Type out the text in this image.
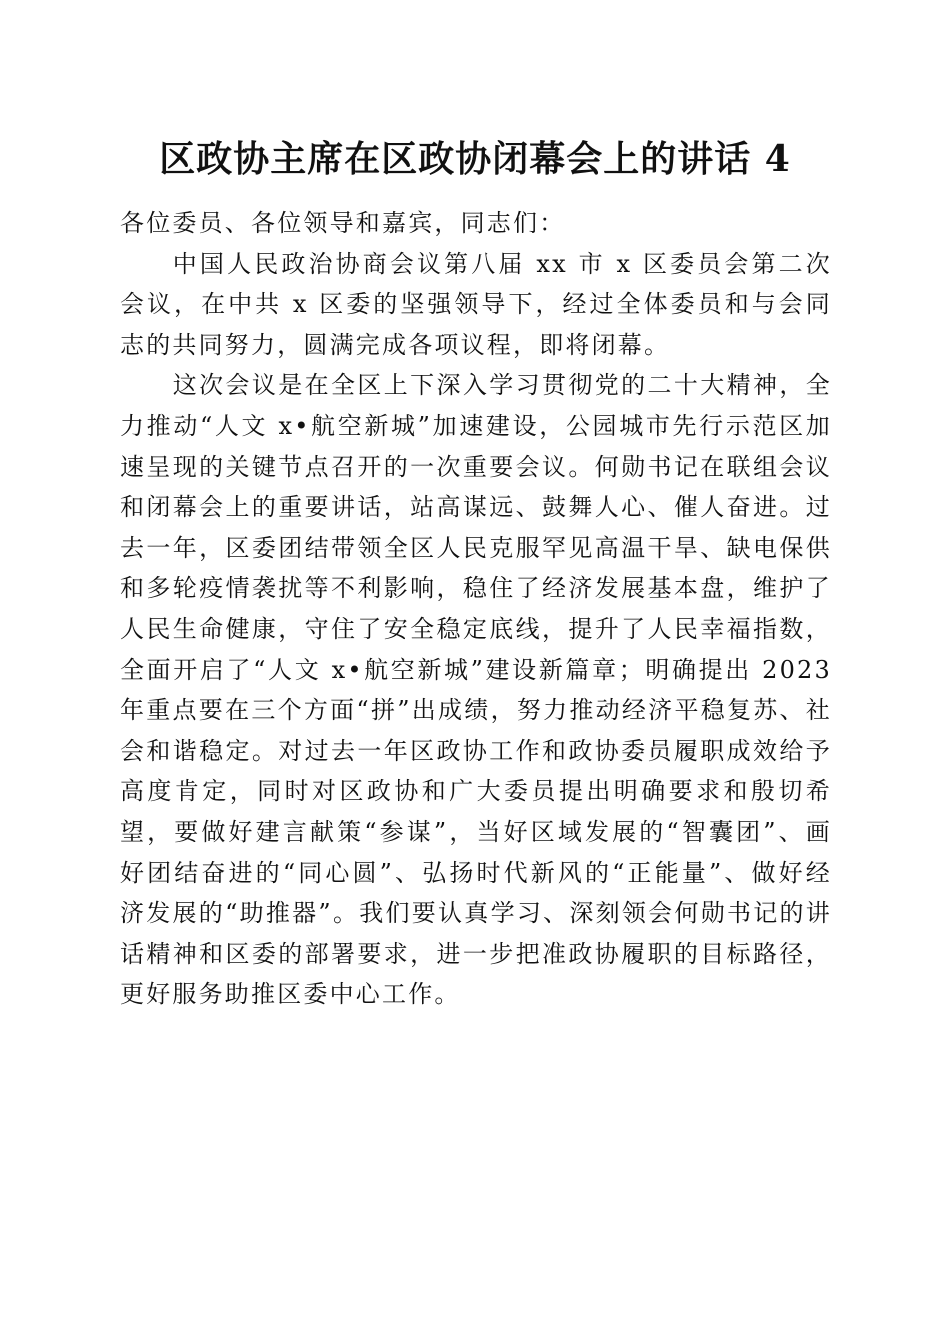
区政协主席在区政协闭幕会上的讲话 4

各位委员、各位领导和嘉宾，同志们：

中国人民政治协商会议第八届 xx 市 x 区委员会第二次会议，在中共 x 区委的坚强领导下，经过全体委员和与会同志的共同努力，圆满完成各项议程，即将闭幕。

这次会议是在全区上下深入学习贯彻党的二十大精神，全力推动“人文 x•航空新城”加速建设，公园城市先行示范区加速呈现的关键节点召开的一次重要会议。何勋书记在联组会议和闭幕会上的重要讲话，站高谋远、鼓舞人心、催人奋进。过去一年，区委团结带领全区人民克服罕见高温干旱、缺电保供和多轮疫情袭扰等不利影响，稳住了经济发展基本盘，维护了人民生命健康，守住了安全稳定底线，提升了人民幸福指数，全面开启了“人文 x•航空新城”建设新篇章；明确提出 2023 年重点要在三个方面“拼”出成绩，努力推动经济平稳复苏、社会和谐稳定。对过去一年区政协工作和政协委员履职成效给予高度肯定，同时对区政协和广大委员提出明确要求和殷切希望，要做好建言献策“参谋”，当好区域发展的“智囊团”、画好团结奋进的“同心圆”、弘扬时代新风的“正能量”、做好经济发展的“助推器”。我们要认真学习、深刻领会何勋书记的讲话精神和区委的部署要求，进一步把准政协履职的目标路径，更好服务助推区委中心工作。
